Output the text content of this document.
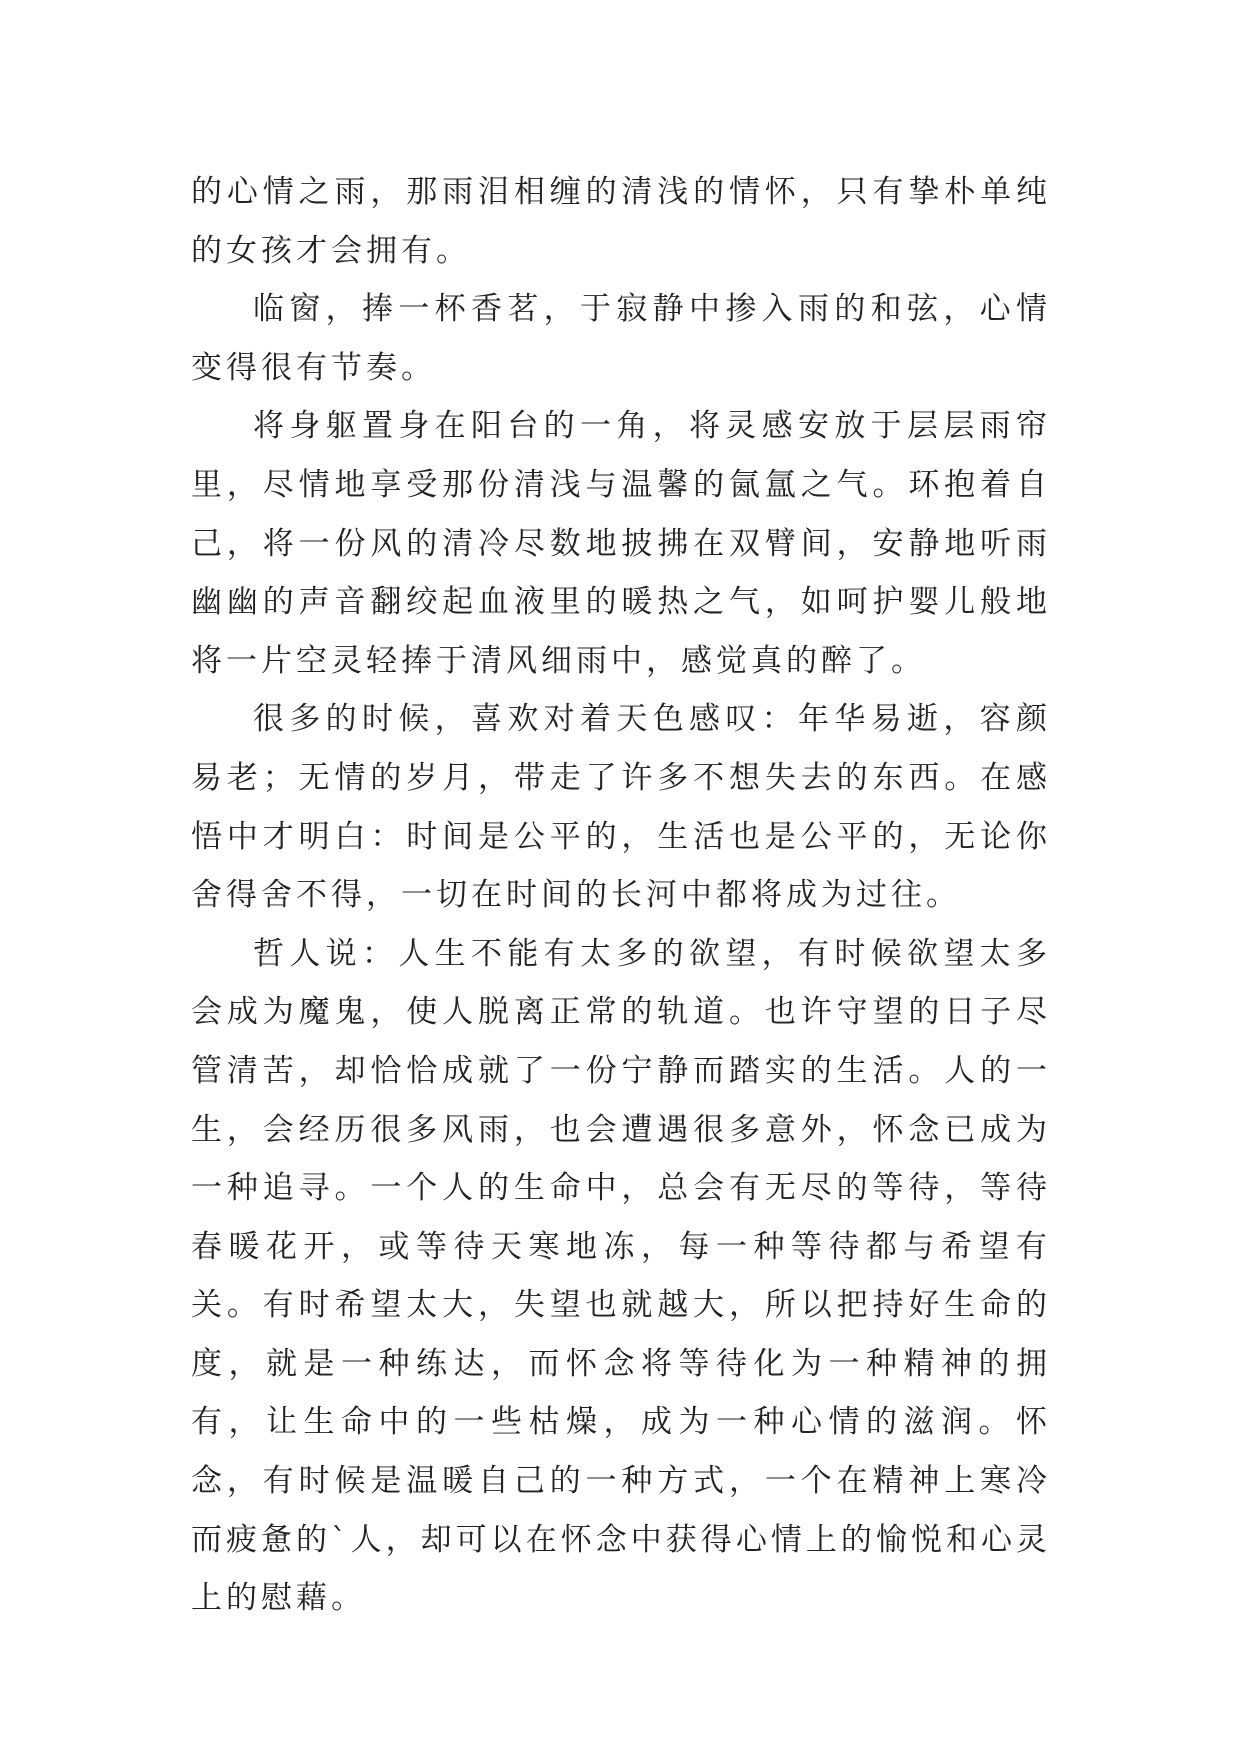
的心情之雨，那雨泪相缠的清浅的情怀，只有挚朴单纯的女孩才会拥有。

临窗，捧一杯香茗，于寂静中掺入雨的和弦，心情变得很有节奏。

将身躯置身在阳台的一角，将灵感安放于层层雨帘里，尽情地享受那份清浅与温馨的氤氲之气。环抱着自己，将一份风的清冷尽数地披拂在双臂间，安静地听雨幽幽的声音翻绞起血液里的暖热之气，如呵护婴儿般地将一片空灵轻捧于清风细雨中，感觉真的醉了。

很多的时候，喜欢对着天色感叹：年华易逝，容颜易老；无情的岁月，带走了许多不想失去的东西。在感悟中才明白：时间是公平的，生活也是公平的，无论你舍得舍不得，一切在时间的长河中都将成为过往。

哲人说：人生不能有太多的欲望，有时候欲望太多会成为魔鬼，使人脱离正常的轨道。也许守望的日子尽管清苦，却恰恰成就了一份宁静而踏实的生活。人的一生，会经历很多风雨，也会遭遇很多意外，怀念已成为一种追寻。一个人的生命中，总会有无尽的等待，等待春暖花开，或等待天寒地冻，每一种等待都与希望有关。有时希望太大，失望也就越大，所以把持好生命的度，就是一种练达，而怀念将等待化为一种精神的拥有，让生命中的一些枯燥，成为一种心情的滋润。怀念，有时候是温暖自己的一种方式，一个在精神上寒冷而疲惫的`人，却可以在怀念中获得心情上的愉悦和心灵上的慰藉。
